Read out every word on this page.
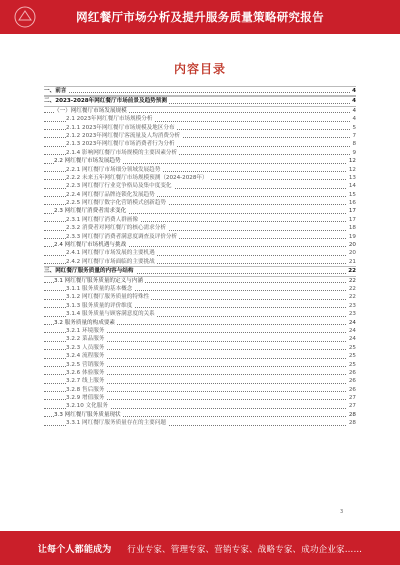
网红餐厅市场分析及提升服务质量策略研究报告
内容目录
一、前言	4
二、2023-2028年网红餐厅市场前景及趋势预测	4
（一）网红餐厅市场发展规模	4
2.1 2023年网红餐厅市场规模分析	4
2.1.1 2023年网红餐厅市场规模及地区分布	5
2.1.2 2023年网红餐厅客流量及人均消费分析	7
2.1.3 2023年网红餐厅市场消费者行为分析	8
2.1.4 影响网红餐厅市场规模的主要因素分析	9
2.2 网红餐厅市场发展趋势	12
2.2.1 网红餐厅市场细分领域发展趋势	12
2.2.2 未来五年网红餐厅市场规模预测（2024-2028年）	13
2.2.3 网红餐厅行业竞争格局及集中度变化	14
2.2.4 网红餐厅品牌连锁化发展趋势	15
2.2.5 网红餐厅数字化营销模式创新趋势	16
2.3 网红餐厅消费者需求变化	17
2.3.1 网红餐厅消费人群画像	17
2.3.2 消费者对网红餐厅的核心需求分析	18
2.3.3 网红餐厅消费者满意度调查及评价分析	19
2.4 网红餐厅市场机遇与挑战	20
2.4.1 网红餐厅市场发展的主要机遇	20
2.4.2 网红餐厅市场面临的主要挑战	21
三、网红餐厅服务质量的内容与结构	22
3.1 网红餐厅服务质量的定义与内涵	22
3.1.1 服务质量的基本概念	22
3.1.2 网红餐厅服务质量的特殊性	22
3.1.3 服务质量的评价维度	23
3.1.4 服务质量与顾客满意度的关系	23
3.2 服务质量的构成要素	24
3.2.1 环境服务	24
3.2.2 菜品服务	24
3.2.3 人员服务	25
3.2.4 流程服务	25
3.2.5 营销服务	25
3.2.6 体验服务	26
3.2.7 线上服务	26
3.2.8 售后服务	26
3.2.9 增值服务	27
3.2.10 文化服务	27
3.3 网红餐厅服务质量现状	28
3.3.1 网红餐厅服务质量存在的主要问题	28
3
让每个人都能成为 行业专家、管理专家、营销专家、战略专家、成功企业家……
